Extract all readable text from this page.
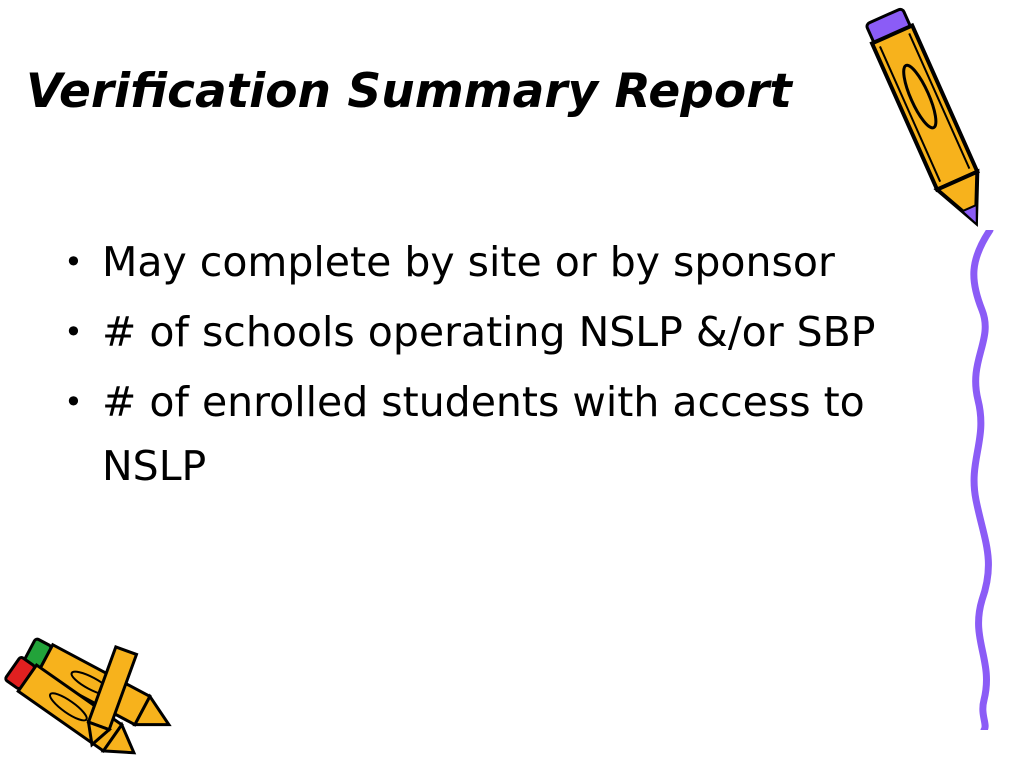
Verification Summary Report
• May complete by site or by sponsor
• # of schools operating NSLP &/or SBP
• # of enrolled students with access to NSLP
